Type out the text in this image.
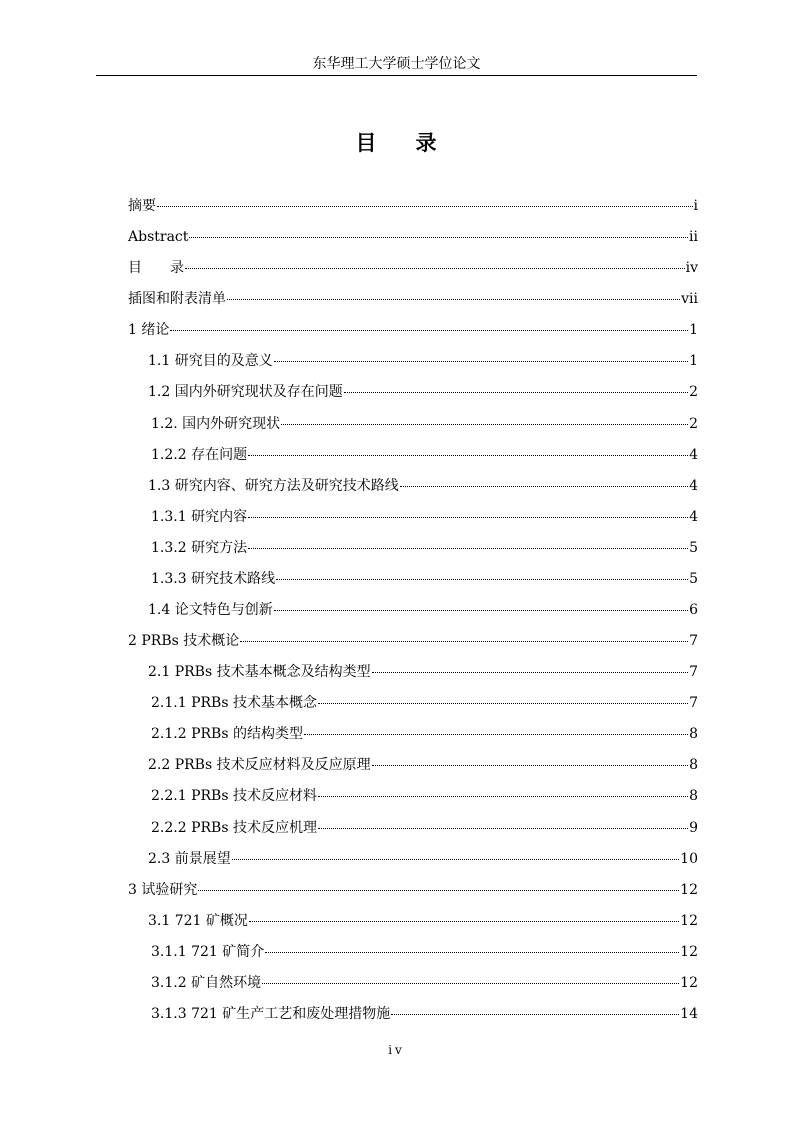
东华理工大学硕士学位论文
目 录
摘要	i
Abstract	ii
目　　录	iv
插图和附表清单	vii
1 绪论	1
1.1 研究目的及意义	1
1.2 国内外研究现状及存在问题	2
1.2. 国内外研究现状	2
1.2.2 存在问题	4
1.3 研究内容、研究方法及研究技术路线	4
1.3.1 研究内容	4
1.3.2 研究方法	5
1.3.3 研究技术路线	5
1.4 论文特色与创新	6
2 PRBs 技术概论	7
2.1 PRBs 技术基本概念及结构类型	7
2.1.1 PRBs 技术基本概念	7
2.1.2 PRBs 的结构类型	8
2.2 PRBs 技术反应材料及反应原理	8
2.2.1 PRBs 技术反应材料	8
2.2.2 PRBs 技术反应机理	9
2.3 前景展望	10
3 试验研究	12
3.1 721 矿概况	12
3.1.1 721 矿简介	12
3.1.2 矿自然环境	12
3.1.3 721 矿生产工艺和废处理措物施	14
iv
